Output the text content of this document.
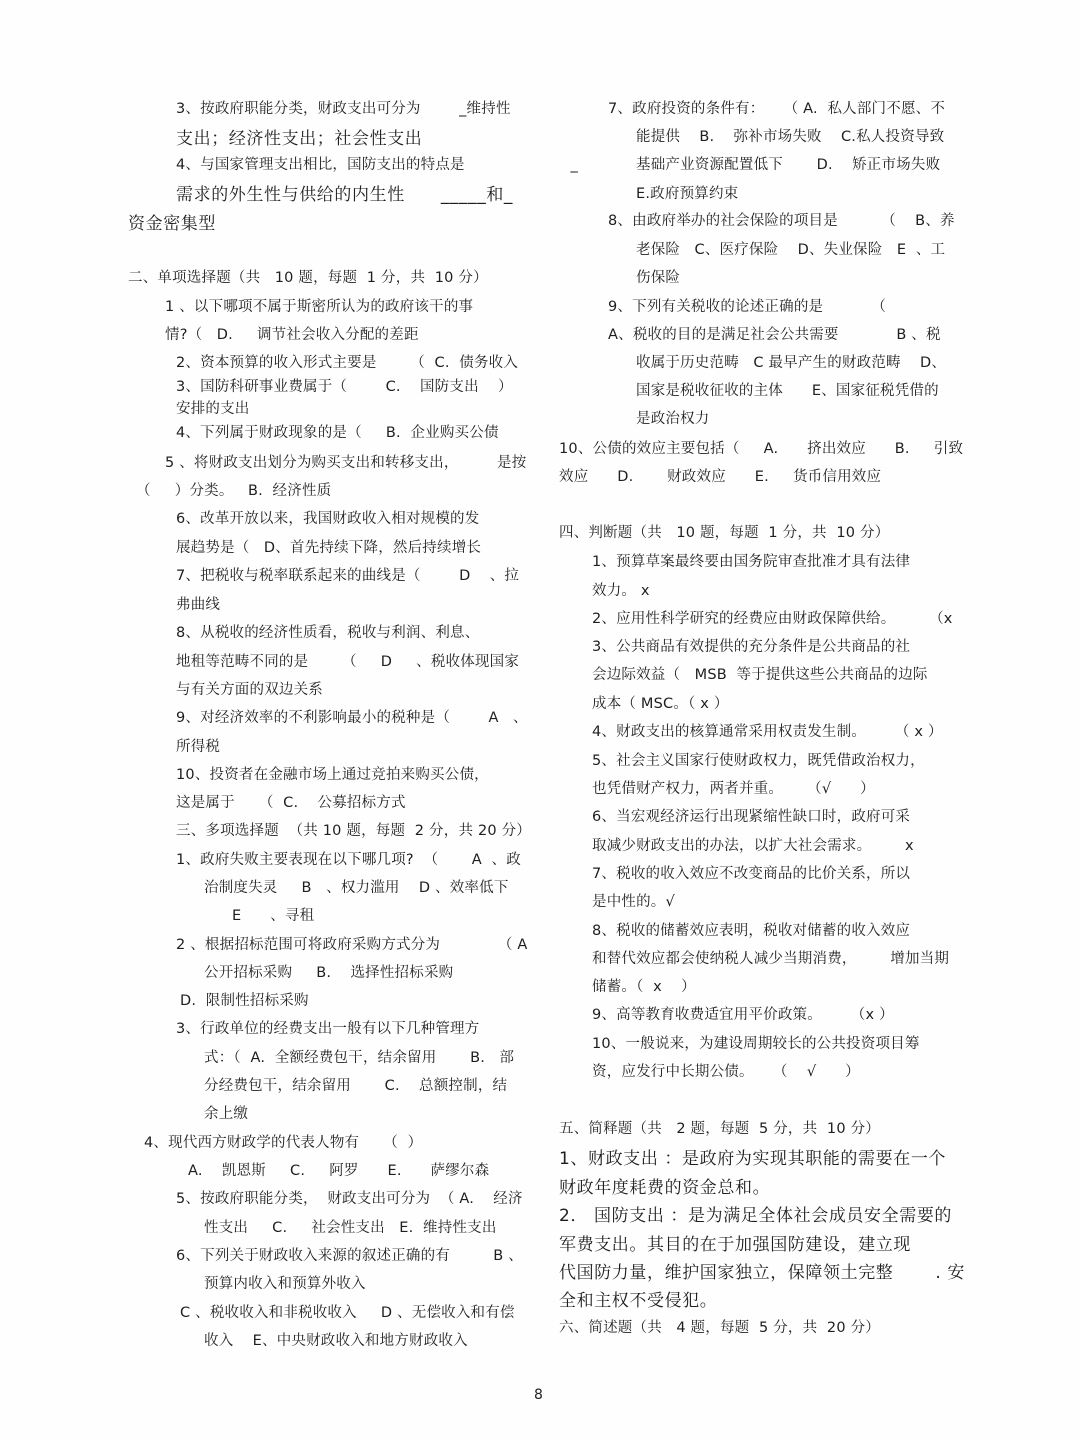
3、按政府职能分类，财政支出可分为        _维持性
支出；经济性支出；社会性支出
4、与国家管理支出相比，国防支出的特点是                      _
需求的外生性与供给的内生性      _____和_
资金密集型
二、单项选择题（共   10 题，每题  1 分，共  10 分）
1 、以下哪项不属于斯密所认为的政府该干的事
情?（   D.     调节社会收入分配的差距
2、资本预算的收入形式主要是       （  C.  债务收入
3、国防科研事业费属于（        C.    国防支出    ）
安排的支出
4、下列属于财政现象的是（     B.  企业购买公债
5 、将财政支出划分为购买支出和转移支出，        是按
（     ）分类。   B.  经济性质
6、改革开放以来，我国财政收入相对规模的发
展趋势是（   D、首先持续下降，然后持续增长
7、把税收与税率联系起来的曲线是（        D    、拉
弗曲线
8、从税收的经济性质看，税收与利润、利息、
地租等范畴不同的是       （     D     、税收体现国家
与有关方面的双边关系
9、对经济效率的不利影响最小的税种是（        A   、
所得税
10、投资者在金融市场上通过竞拍来购买公债，
这是属于     （  C.    公募招标方式
三、多项选择题  （共 10 题，每题  2 分，共 20 分）
1、政府失败主要表现在以下哪几项?  （       A  、政
治制度失灵     B   、权力滥用    D 、效率低下
E      、寻租
2 、根据招标范围可将政府采购方式分为            （ A
公开招标采购     B.    选择性招标采购
D.  限制性招标采购
3、行政单位的经费支出一般有以下几种管理方
式：（  A.  全额经费包干，结余留用       B.   部
分经费包干，结余留用       C.    总额控制，结
余上缴
4、现代西方财政学的代表人物有     （  ）
A.    凯恩斯     C.     阿罗      E.      萨缪尔森
5、按政府职能分类，  财政支出可分为  （ A.    经济
性支出     C.     社会性支出   E.  维持性支出
6、下列关于财政收入来源的叙述正确的有         B 、
预算内收入和预算外收入
C 、税收收入和非税收收入     D 、无偿收入和有偿
收入    E、中央财政收入和地方财政收入
7、政府投资的条件有：    （ A.  私人部门不愿、不
能提供    B.    弥补市场失败    C.私人投资导致
基础产业资源配置低下       D.    矫正市场失败
E.政府预算约束
8、由政府举办的社会保险的项目是         （    B、养
老保险   C、医疗保险    D、失业保险   E  、工
伤保险
9、下列有关税收的论述正确的是          （
A、税收的目的是满足社会公共需要            B 、税
收属于历史范畴   C 最早产生的财政范畴    D、
国家是税收征收的主体      E、国家征税凭借的
是政治权力
10、公债的效应主要包括（     A.      挤出效应      B.     引致
效应      D.       财政效应      E.     货币信用效应
四、判断题（共   10 题，每题  1 分，共  10 分）
1、预算草案最终要由国务院审查批准才具有法律
效力。 x
2、应用性科学研究的经费应由财政保障供给。       （x
3、公共商品有效提供的充分条件是公共商品的社
会边际效益（   MSB  等于提供这些公共商品的边际
成本（ MSC。（ x ）
4、财政支出的核算通常采用权责发生制。      （ x ）
5、社会主义国家行使财政权力，既凭借政治权力，
也凭借财产权力，两者并重。     （√      ）
6、当宏观经济运行出现紧缩性缺口时，政府可采
取减少财政支出的办法，以扩大社会需求。       x
7、税收的收入效应不改变商品的比价关系，所以
是中性的。√
8、税收的储蓄效应表明，税收对储蓄的收入效应
和替代效应都会使纳税人减少当期消费，       增加当期
储蓄。（  x    ）
9、高等教育收费适宜用平价政策。      （x ）
10、一般说来，为建设周期较长的公共投资项目筹
资，应发行中长期公债。    （    √      ）
五、简释题（共   2 题，每题  5 分，共  10 分）
1、财政支出 ：是政府为实现其职能的需要在一个
财政年度耗费的资金总和。
2． 国防支出 ：是为满足全体社会成员安全需要的
军费支出。其目的在于加强国防建设，建立现
代国防力量，维护国家独立，保障领土完整       . 安
全和主权不受侵犯。
六、简述题（共   4 题，每题  5 分，共  20 分）
8
